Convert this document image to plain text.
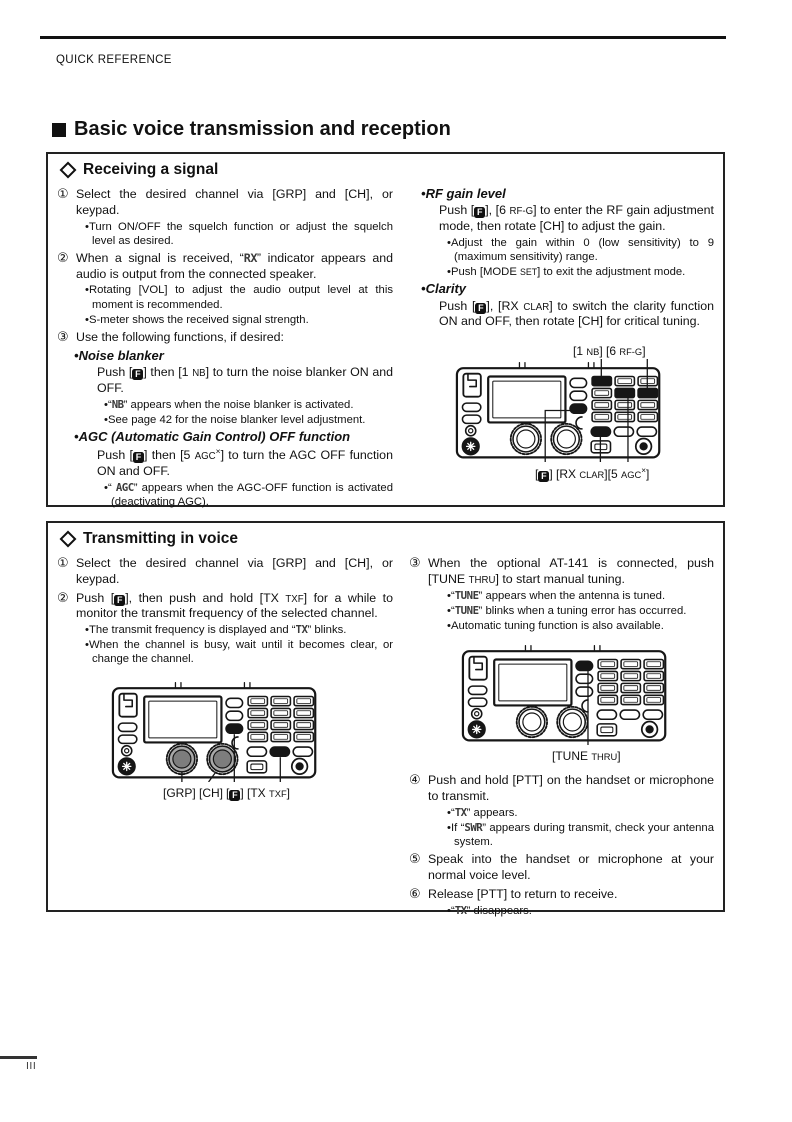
QUICK REFERENCE
Basic voice transmission and reception
Receiving a signal
① Select the desired channel via [GRP] and [CH], or keypad.
•Turn ON/OFF the squelch function or adjust the squelch level as desired.
② When a signal is received, “RX” indicator appears and audio is output from the connected speaker.
•Rotating [VOL] to adjust the audio output level at this moment is recommended.
•S-meter shows the received signal strength.
③ Use the following functions, if desired:
•Noise blanker
Push [ F ] then [1 NB] to turn the noise blanker ON and OFF.
•“NB” appears when the noise blanker is activated.
•See page 42 for the noise blanker level adjustment.
•AGC (Automatic Gain Control) OFF function
Push [ F ] then [5 AGC×] to turn the AGC OFF function ON and OFF.
•“ AGC” appears when the AGC-OFF function is activated (deactivating AGC).
•RF gain level
Push [ F ], [6 RF-G] to enter the RF gain adjustment mode, then rotate [CH] to adjust the gain.
•Adjust the gain within 0 (low sensitivity) to 9 (maximum sensitivity) range.
•Push [MODE SET] to exit the adjustment mode.
•Clarity
Push [ F ], [RX CLAR] to switch the clarity function ON and OFF, then rotate [CH] for critical tuning.
[1 NB] [6 RF-G]
[ F ] [RX CLAR][5 AGC×]
Transmitting in voice
① Select the desired channel via [GRP] and [CH], or keypad.
② Push [ F ], then push and hold [TX TXF] for a while to monitor the transmit frequency of the selected channel.
•The transmit frequency is displayed and “TX” blinks.
•When the channel is busy, wait until it becomes clear, or change the channel.
[GRP] [CH] [ F ] [TX TXF]
③ When the optional AT-141 is connected, push [TUNE THRU] to start manual tuning.
•“TUNE” appears when the antenna is tuned.
•“TUNE” blinks when a tuning error has occurred.
•Automatic tuning function is also available.
[TUNE THRU]
④ Push and hold [PTT] on the handset or microphone to transmit.
•“TX” appears.
•If “SWR” appears during transmit, check your antenna system.
⑤ Speak into the handset or microphone at your normal voice level.
⑥ Release [PTT] to return to receive.
•“TX” disappears.
III
